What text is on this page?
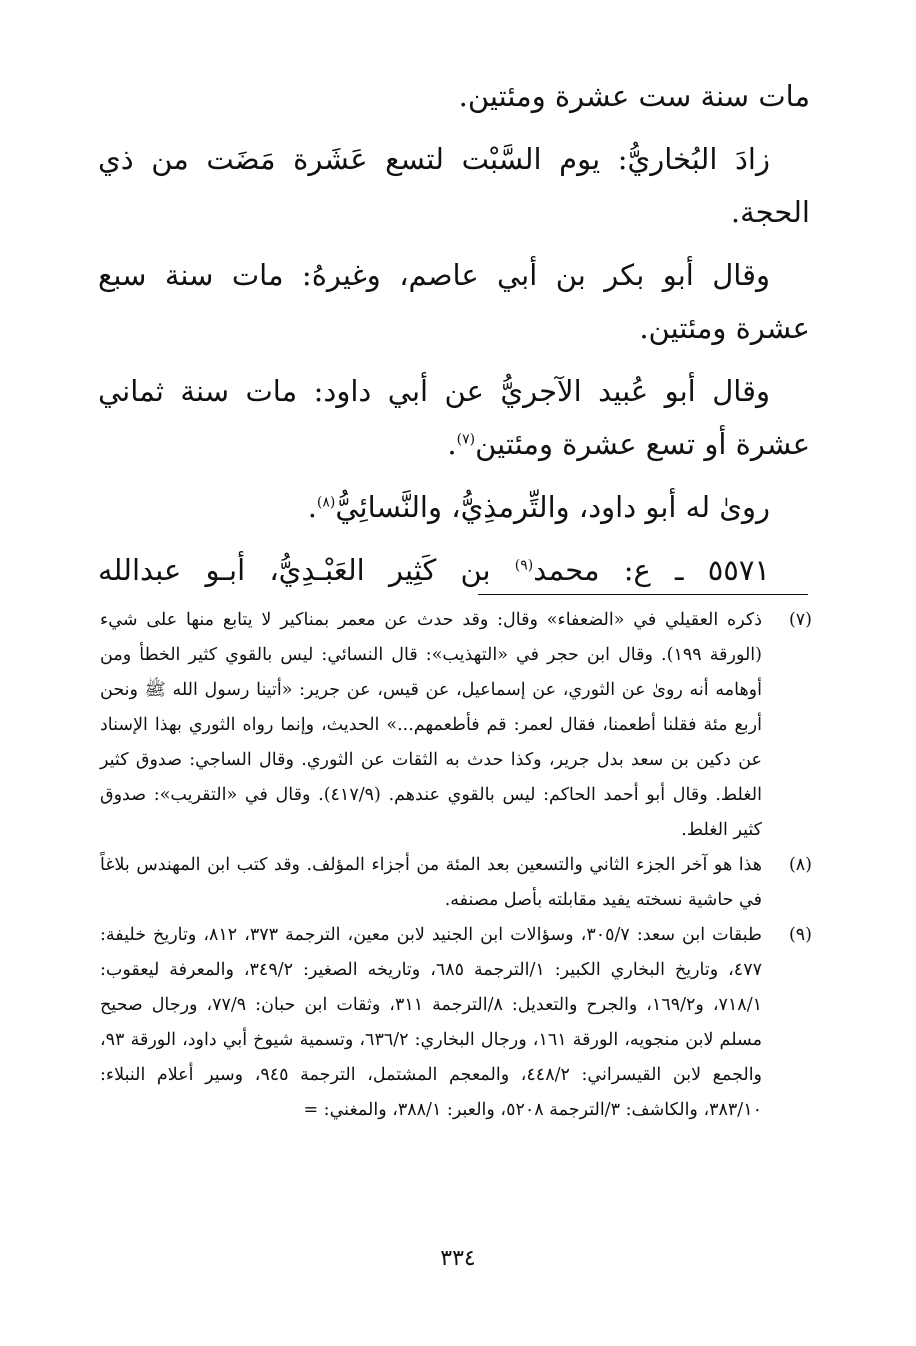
مات سنة ست عشرة ومئتين.

زادَ البُخاريُّ: يوم السَّبْت لتسع عَشَرة مَضَت من ذي الحجة.

وقال أبو بكر بن أبي عاصم، وغيرهُ: مات سنة سبع عشرة ومئتين.

وقال أبو عُبيد الآجريُّ عن أبي داود: مات سنة ثماني عشرة أو تسع عشرة ومئتين$^{(٧)}$.

روىٰ له أبو داود، والتِّرمذِيُّ، والنَّسائِيُّ$^{(٨)}$.

٥٥٧١ ـ ع: محمد$^{(٩)}$ بن كَثِير العَبْـدِيُّ، أبـو عبدالله

(٧)
ذكره العقيلي في «الضعفاء» وقال: وقد حدث عن معمر بمناكير لا يتابع منها على شيء (الورقة ١٩٩). وقال ابن حجر في «التهذيب»: قال النسائي: ليس بالقوي كثير الخطأ ومن أوهامه أنه روىٰ عن الثوري، عن إسماعيل، عن قيس، عن جرير: «أتينا رسول الله ﷺ ونحن أربع مئة فقلنا أطعمنا، فقال لعمر: قم فأطعمهم...» الحديث، وإنما رواه الثوري بهذا الإسناد عن دكين بن سعد بدل جرير، وكذا حدث به الثقات عن الثوري. وقال الساجي: صدوق كثير الغلط. وقال أبو أحمد الحاكم: ليس بالقوي عندهم. (٤١٧/٩). وقال في «التقريب»: صدوق كثير الغلط.
(٨)
هذا هو آخر الجزء الثاني والتسعين بعد المئة من أجزاء المؤلف. وقد كتب ابن المهندس بلاغاً في حاشية نسخته يفيد مقابلته بأصل مصنفه.
(٩)
طبقات ابن سعد: ٣٠٥/٧، وسؤالات ابن الجنيد لابن معين، الترجمة ٣٧٣، ٨١٢، وتاريخ خليفة: ٤٧٧، وتاريخ البخاري الكبير: ١/الترجمة ٦٨٥، وتاريخه الصغير: ٣٤٩/٢، والمعرفة ليعقوب: ٧١٨/١، و١٦٩/٢، والجرح والتعديل: ٨/الترجمة ٣١١، وثقات ابن حبان: ٧٧/٩، ورجال صحيح مسلم لابن منجويه، الورقة ١٦١، ورجال البخاري: ٦٣٦/٢، وتسمية شيوخ أبي داود، الورقة ٩٣، والجمع لابن القيسراني: ٤٤٨/٢، والمعجم المشتمل، الترجمة ٩٤٥، وسير أعلام النبلاء: ٣٨٣/١٠، والكاشف: ٣/الترجمة ٥٢٠٨، والعبر: ٣٨٨/١، والمغني: =
٣٣٤
